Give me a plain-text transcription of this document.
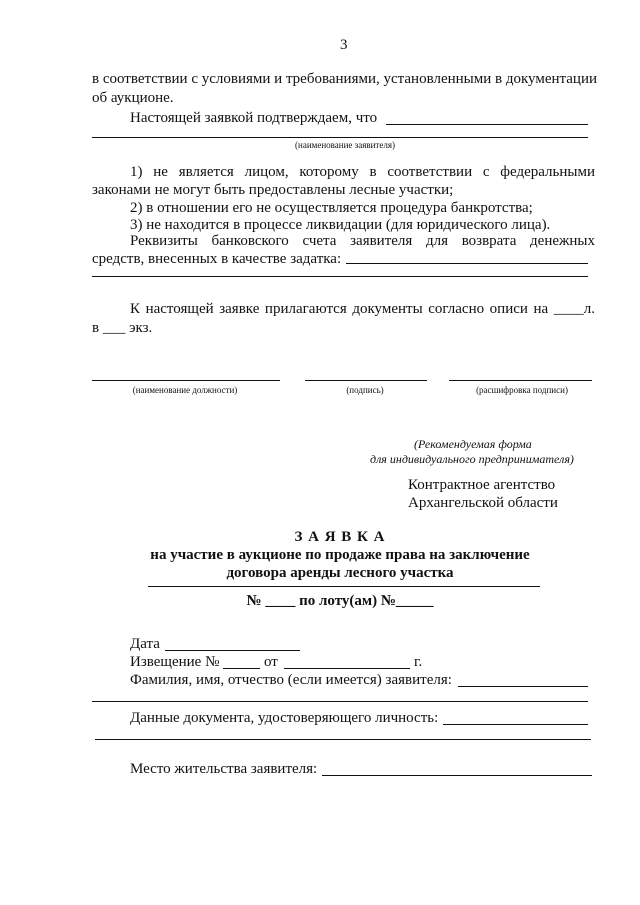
3
в соответствии с условиями и требованиями, установленными в документации
об аукционе.
Настоящей заявкой подтверждаем, что
(наименование заявителя)
1) не является лицом, которому в соответствии с федеральными
законами не могут быть предоставлены лесные участки;
2) в отношении его не осуществляется процедура банкротства;
3) не находится в процессе ликвидации (для юридического лица).
Реквизиты банковского счета заявителя для возврата денежных
средств, внесенных в качестве задатка:
К настоящей заявке прилагаются документы согласно описи на ____л.
в ___ экз.
(наименование должности)	(подпись)	(расшифровка подписи)
(Рекомендуемая форма
для индивидуального предпринимателя)
Контрактное агентство
Архангельской области
З А Я В К А
на участие в аукционе по продаже права на заключение
договора аренды лесного участка
№ ____ по лоту(ам) №_____
Дата
Извещение №	от	г.
Фамилия, имя, отчество (если имеется) заявителя:
Данные документа, удостоверяющего личность:
Место жительства заявителя:
